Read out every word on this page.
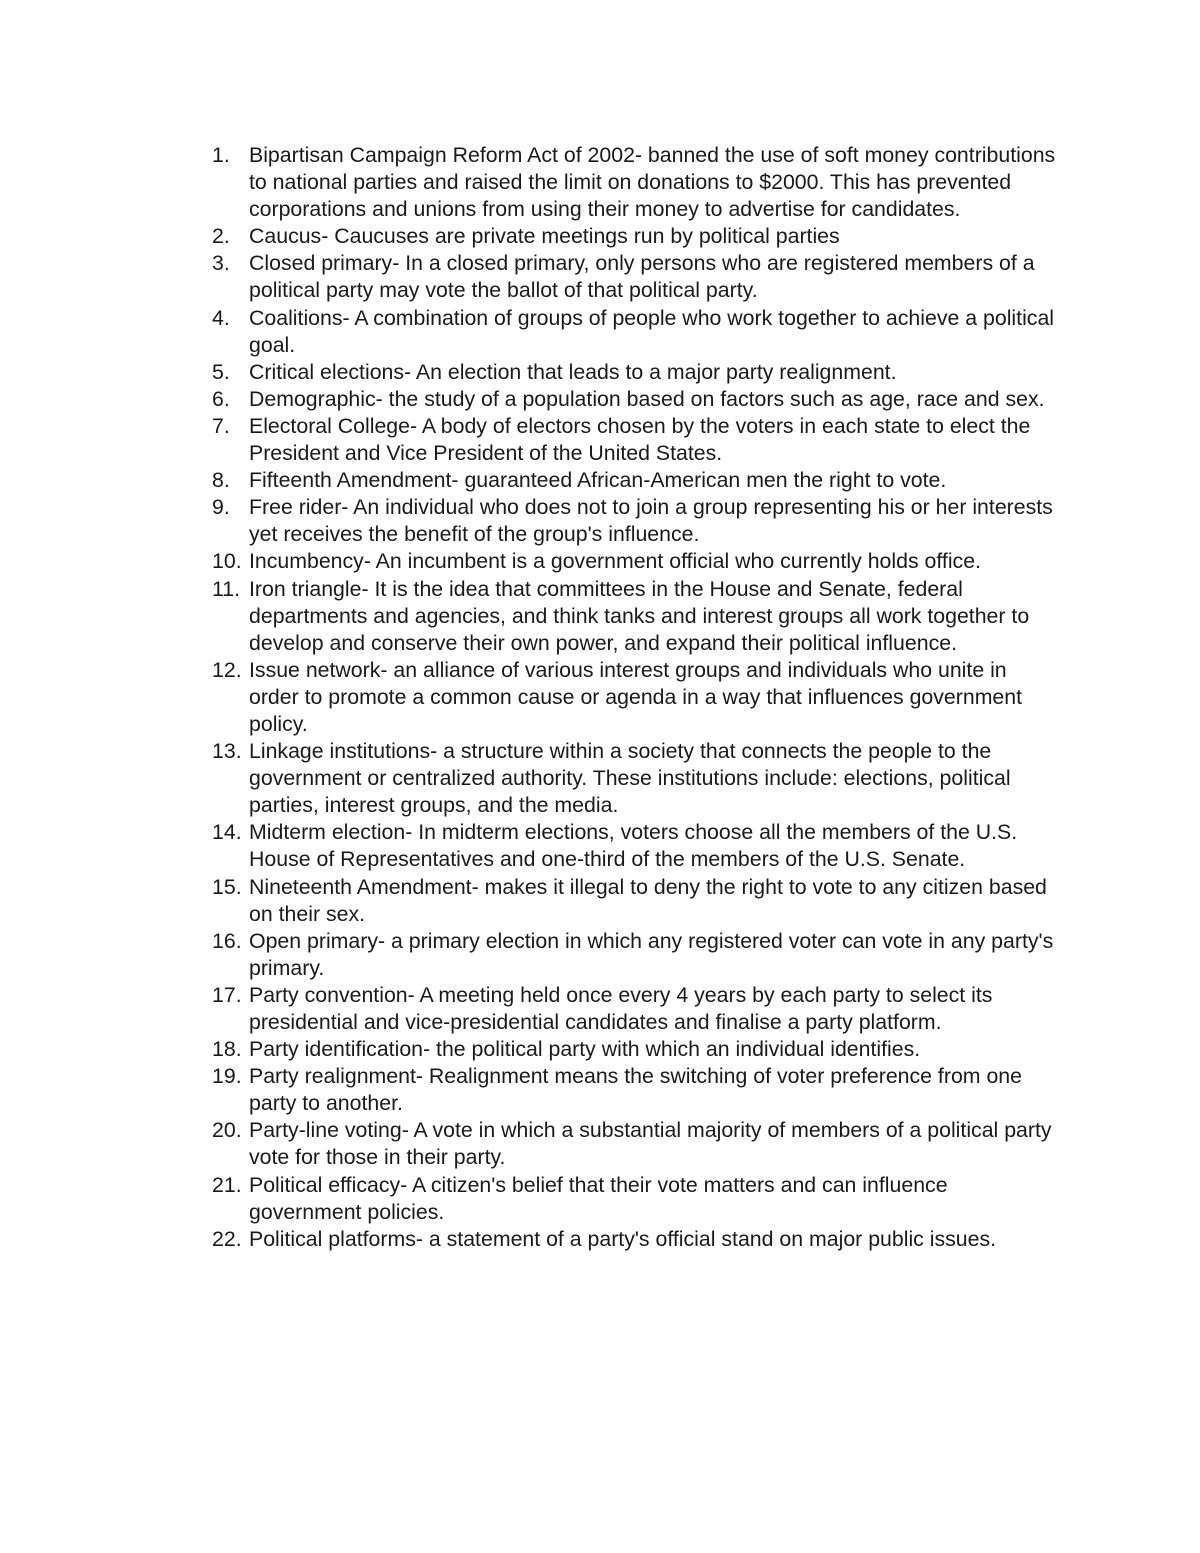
1. Bipartisan Campaign Reform Act of 2002- banned the use of soft money contributions to national parties and raised the limit on donations to $2000. This has prevented corporations and unions from using their money to advertise for candidates.
2. Caucus- Caucuses are private meetings run by political parties
3. Closed primary- In a closed primary, only persons who are registered members of a political party may vote the ballot of that political party.
4. Coalitions- A combination of groups of people who work together to achieve a political goal.
5. Critical elections- An election that leads to a major party realignment.
6. Demographic- the study of a population based on factors such as age, race and sex.
7. Electoral College- A body of electors chosen by the voters in each state to elect the President and Vice President of the United States.
8. Fifteenth Amendment- guaranteed African-American men the right to vote.
9. Free rider- An individual who does not to join a group representing his or her interests yet receives the benefit of the group's influence.
10. Incumbency- An incumbent is a government official who currently holds office.
11. Iron triangle- It is the idea that committees in the House and Senate, federal departments and agencies, and think tanks and interest groups all work together to develop and conserve their own power, and expand their political influence.
12. Issue network- an alliance of various interest groups and individuals who unite in order to promote a common cause or agenda in a way that influences government policy.
13. Linkage institutions- a structure within a society that connects the people to the government or centralized authority. These institutions include: elections, political parties, interest groups, and the media.
14. Midterm election- In midterm elections, voters choose all the members of the U.S. House of Representatives and one-third of the members of the U.S. Senate.
15. Nineteenth Amendment- makes it illegal to deny the right to vote to any citizen based on their sex.
16. Open primary- a primary election in which any registered voter can vote in any party's primary.
17. Party convention- A meeting held once every 4 years by each party to select its presidential and vice-presidential candidates and finalise a party platform.
18. Party identification- the political party with which an individual identifies.
19. Party realignment- Realignment means the switching of voter preference from one party to another.
20. Party-line voting- A vote in which a substantial majority of members of a political party vote for those in their party.
21. Political efficacy- A citizen's belief that their vote matters and can influence government policies.
22. Political platforms- a statement of a party's official stand on major public issues.
